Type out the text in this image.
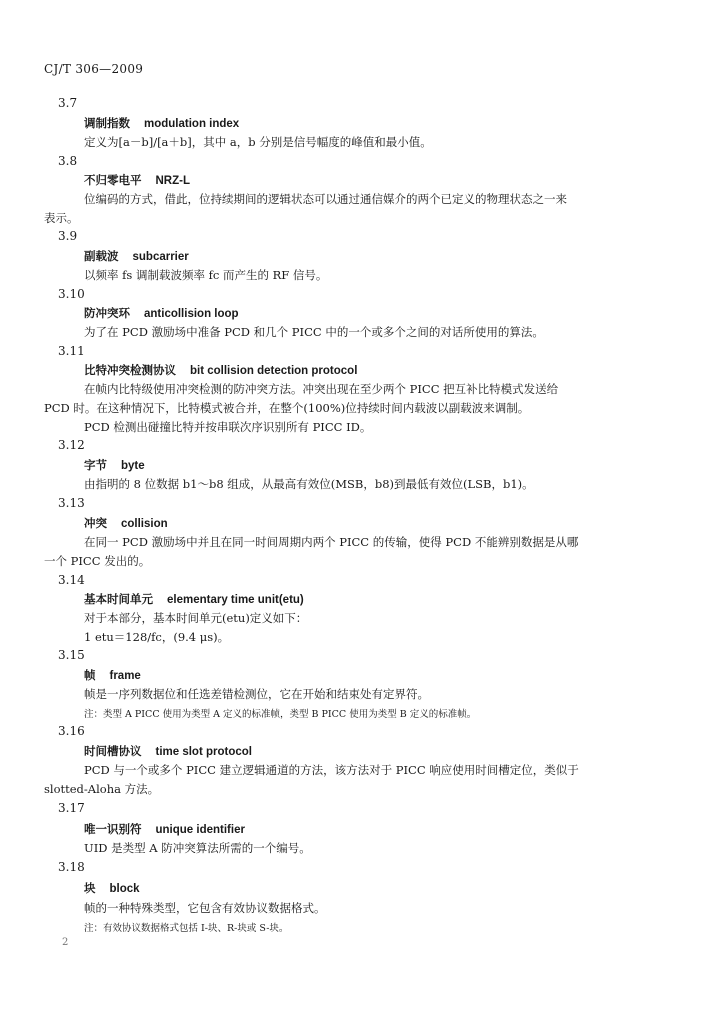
CJ/T 306—2009
3.7
调制指数 modulation index
定义为[a－b]/[a＋b]，其中 a，b 分别是信号幅度的峰值和最小值。
3.8
不归零电平 NRZ-L
位编码的方式，借此，位持续期间的逻辑状态可以通过通信媒介的两个已定义的物理状态之一来
表示。
3.9
副载波 subcarrier
以频率 fs 调制载波频率 fc 而产生的 RF 信号。
3.10
防冲突环 anticollision loop
为了在 PCD 激励场中准备 PCD 和几个 PICC 中的一个或多个之间的对话所使用的算法。
3.11
比特冲突检测协议 bit collision detection protocol
在帧内比特级使用冲突检测的防冲突方法。冲突出现在至少两个 PICC 把互补比特模式发送给
PCD 时。在这种情况下，比特模式被合并，在整个(100%)位持续时间内载波以副载波来调制。
PCD 检测出碰撞比特并按串联次序识别所有 PICC ID。
3.12
字节 byte
由指明的 8 位数据 b1～b8 组成，从最高有效位(MSB，b8)到最低有效位(LSB，b1)。
3.13
冲突 collision
在同一 PCD 激励场中并且在同一时间周期内两个 PICC 的传输，使得 PCD 不能辨别数据是从哪
一个 PICC 发出的。
3.14
基本时间单元 elementary time unit(etu)
对于本部分，基本时间单元(etu)定义如下：
1 etu＝128/fc，(9.4 μs)。
3.15
帧 frame
帧是一序列数据位和任选差错检测位，它在开始和结束处有定界符。
注：类型 A PICC 使用为类型 A 定义的标准帧，类型 B PICC 使用为类型 B 定义的标准帧。
3.16
时间槽协议 time slot protocol
PCD 与一个或多个 PICC 建立逻辑通道的方法，该方法对于 PICC 响应使用时间槽定位，类似于
slotted-Aloha 方法。
3.17
唯一识别符 unique identifier
UID 是类型 A 防冲突算法所需的一个编号。
3.18
块 block
帧的一种特殊类型，它包含有效协议数据格式。
注：有效协议数据格式包括 I-块、R-块或 S-块。
2
